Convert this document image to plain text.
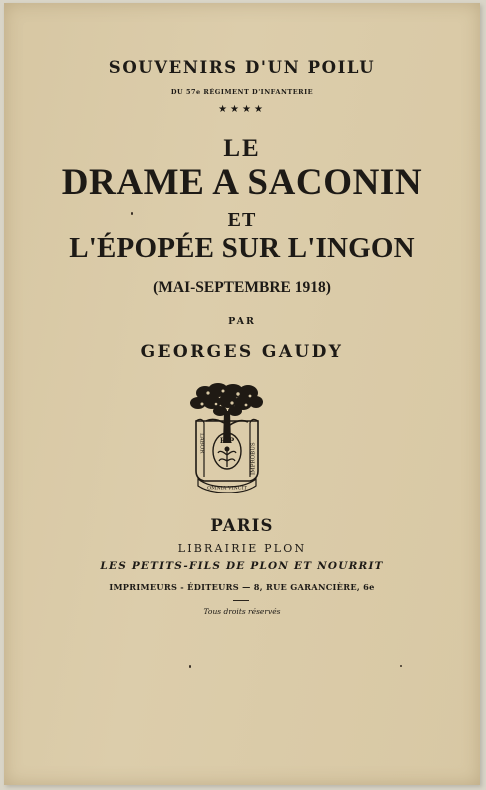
SOUVENIRS D'UN POILU
DU 57e RÉGIMENT D'INFANTERIE
★★★★
LE
DRAME A SACONIN
ET
L'ÉPOPÉE SUR L'INGON
(MAI-SEPTEMBRE 1918)
PAR
GEORGES GAUDY
LABOR	IMPROBUS
H·P
OMNIA VINCIT
PARIS
LIBRAIRIE PLON
LES PETITS-FILS DE PLON ET NOURRIT
IMPRIMEURS - ÉDITEURS — 8, RUE GARANCIÈRE, 6e
Tous droits réservés
